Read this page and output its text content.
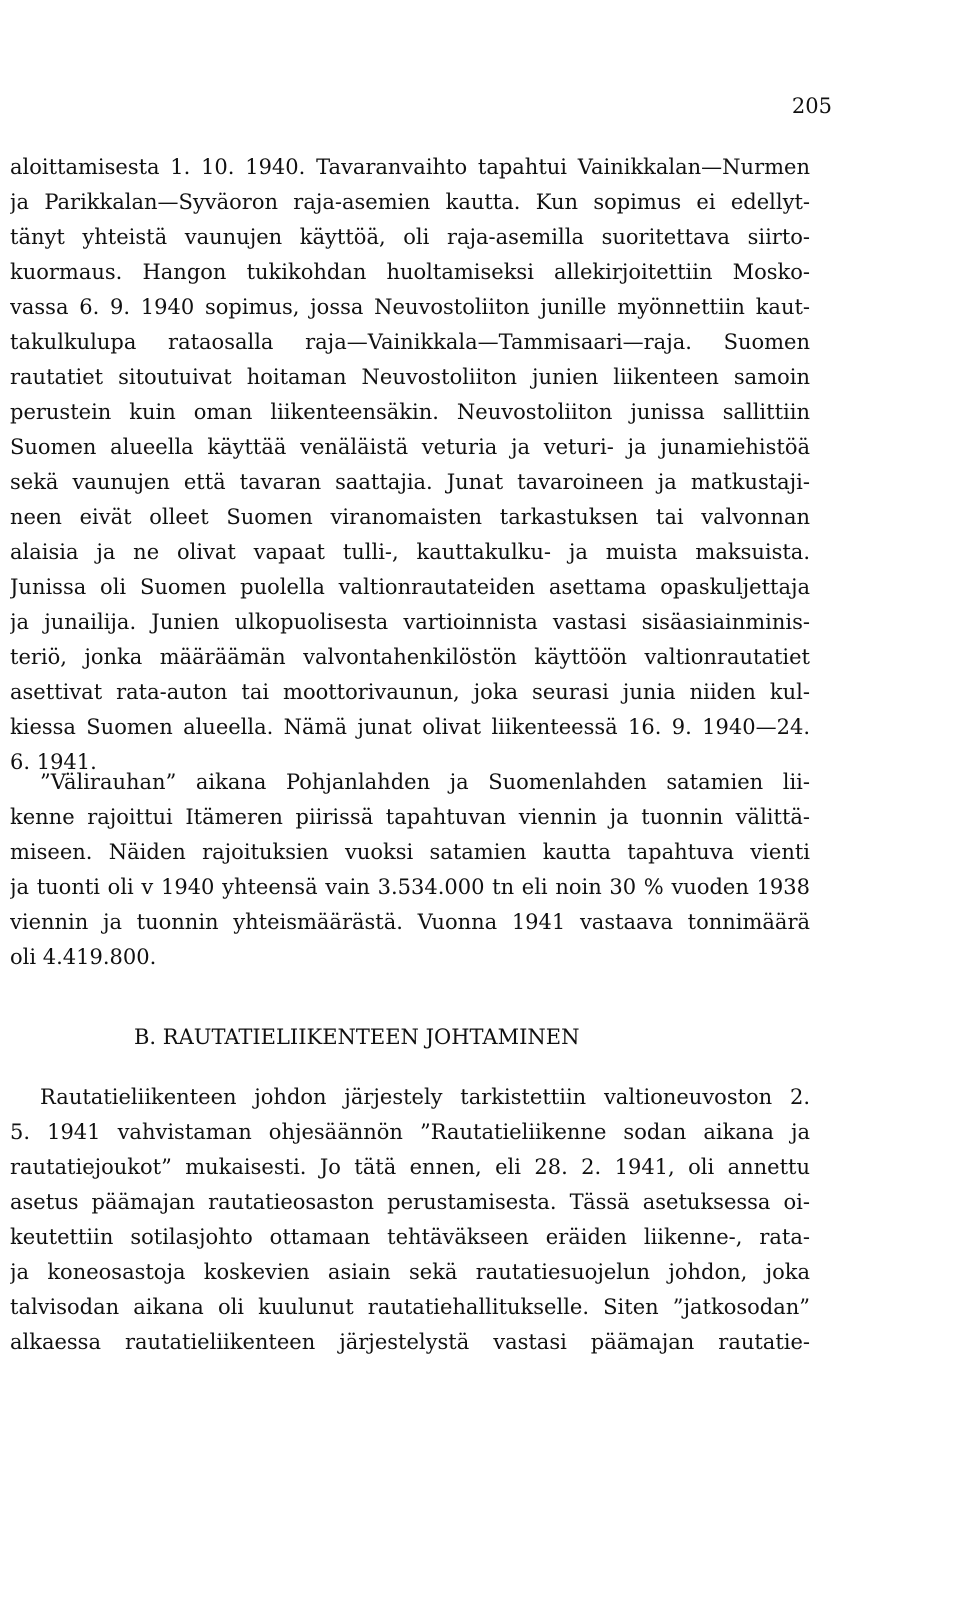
205
aloittamisesta 1. 10. 1940. Tavaranvaihto tapahtui Vainikkalan—Nurmen
ja Parikkalan—Syväoron raja-asemien kautta. Kun sopimus ei edellyt-
tänyt yhteistä vaunujen käyttöä, oli raja-asemilla suoritettava siirto-
kuormaus. Hangon tukikohdan huoltamiseksi allekirjoitettiin Mosko-
vassa 6. 9. 1940 sopimus, jossa Neuvostoliiton junille myönnettiin kaut-
takulkulupa rataosalla raja—Vainikkala—Tammisaari—raja. Suomen
rautatiet sitoutuivat hoitaman Neuvostoliiton junien liikenteen samoin
perustein kuin oman liikenteensäkin. Neuvostoliiton junissa sallittiin
Suomen alueella käyttää venäläistä veturia ja veturi- ja junamiehistöä
sekä vaunujen että tavaran saattajia. Junat tavaroineen ja matkustaji-
neen eivät olleet Suomen viranomaisten tarkastuksen tai valvonnan
alaisia ja ne olivat vapaat tulli-, kauttakulku- ja muista maksuista.
Junissa oli Suomen puolella valtionrautateiden asettama opaskuljettaja
ja junailija. Junien ulkopuolisesta vartioinnista vastasi sisäasiainminis-
teriö, jonka määräämän valvontahenkilöstön käyttöön valtionrautatiet
asettivat rata-auton tai moottorivaunun, joka seurasi junia niiden kul-
kiessa Suomen alueella. Nämä junat olivat liikenteessä 16. 9. 1940—24.
6. 1941.
”Välirauhan” aikana Pohjanlahden ja Suomenlahden satamien lii-
kenne rajoittui Itämeren piirissä tapahtuvan viennin ja tuonnin välittä-
miseen. Näiden rajoituksien vuoksi satamien kautta tapahtuva vienti
ja tuonti oli v 1940 yhteensä vain 3.534.000 tn eli noin 30 % vuoden 1938
viennin ja tuonnin yhteismäärästä. Vuonna 1941 vastaava tonnimäärä
oli 4.419.800.
B. RAUTATIELIIKENTEEN JOHTAMINEN
Rautatieliikenteen johdon järjestely tarkistettiin valtioneuvoston 2.
5. 1941 vahvistaman ohjesäännön ”Rautatieliikenne sodan aikana ja
rautatiejoukot” mukaisesti. Jo tätä ennen, eli 28. 2. 1941, oli annettu
asetus päämajan rautatieosaston perustamisesta. Tässä asetuksessa oi-
keutettiin sotilasjohto ottamaan tehtäväkseen eräiden liikenne-, rata-
ja koneosastoja koskevien asiain sekä rautatiesuojelun johdon, joka
talvisodan aikana oli kuulunut rautatiehallitukselle. Siten ”jatkosodan”
alkaessa rautatieliikenteen järjestelystä vastasi päämajan rautatie-
